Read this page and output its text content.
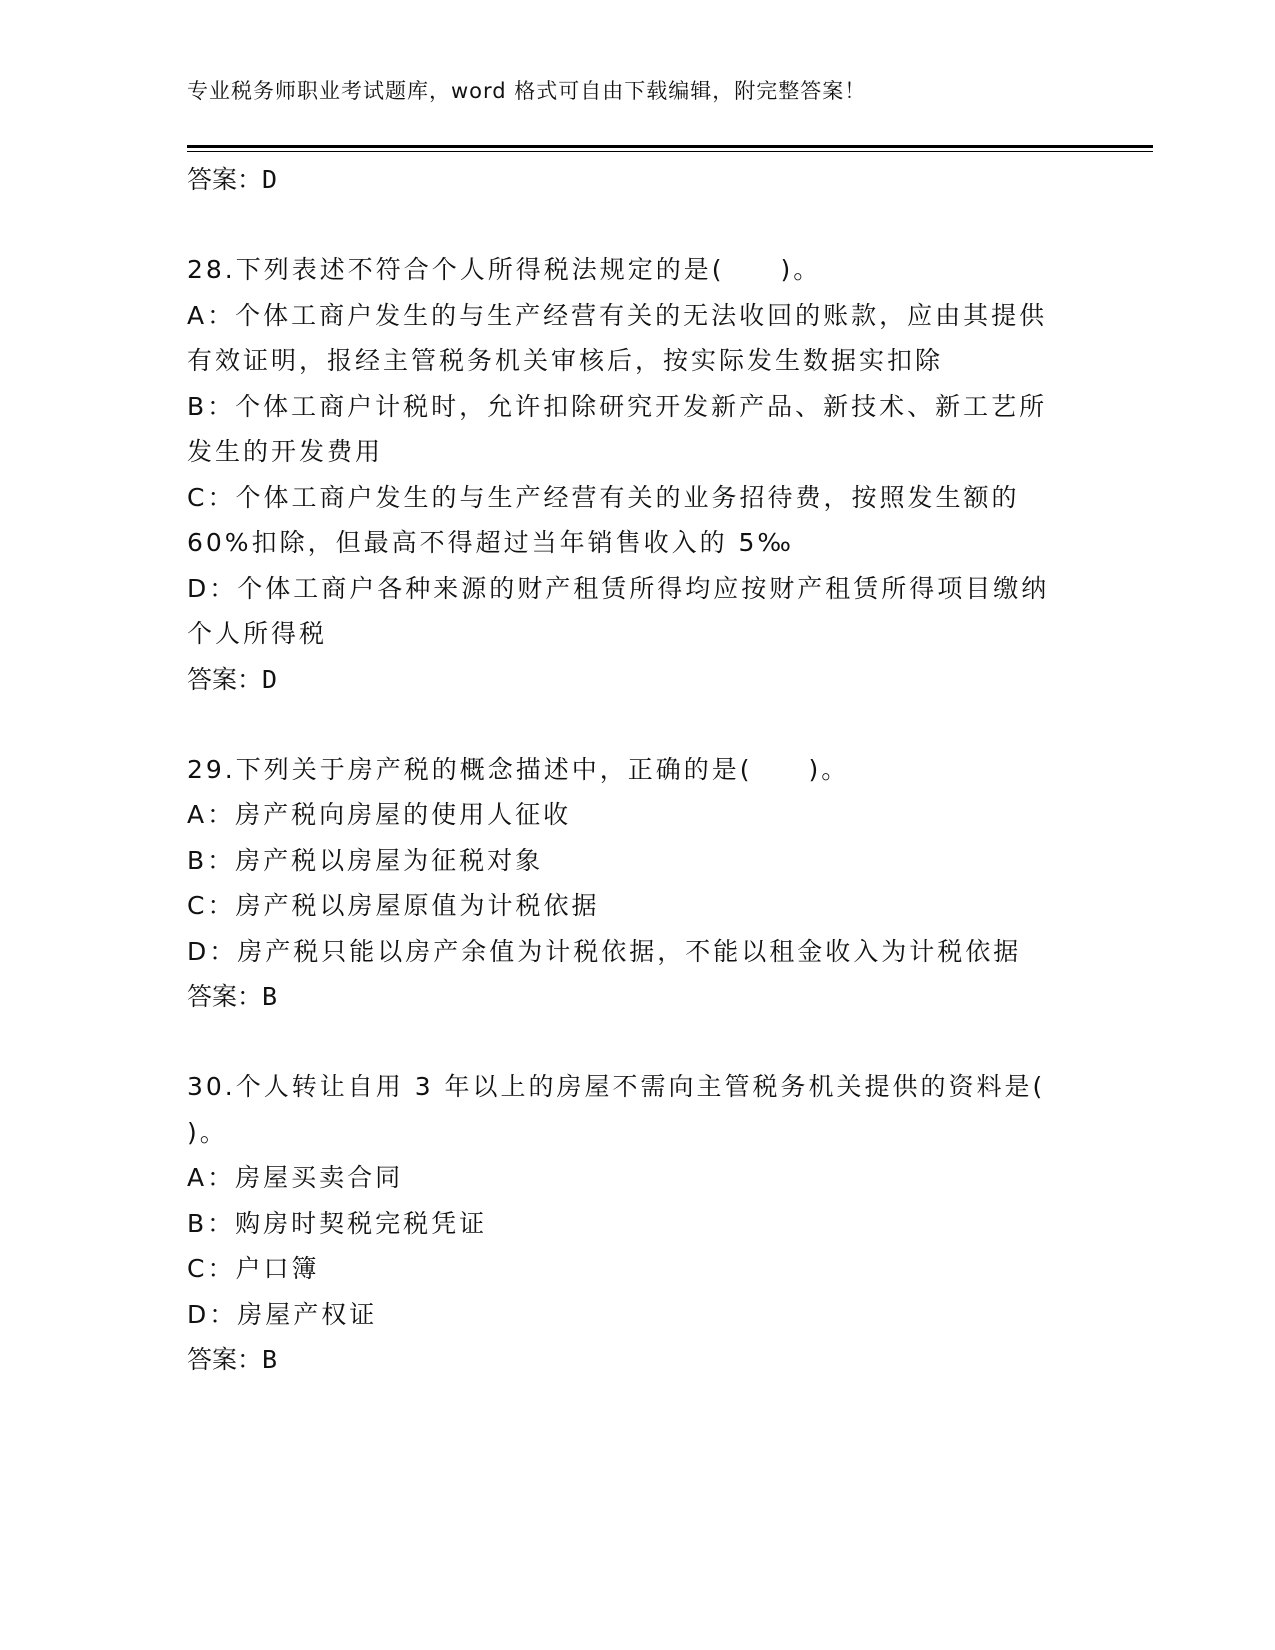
专业税务师职业考试题库，word 格式可自由下载编辑，附完整答案！
答案：D
28.下列表述不符合个人所得税法规定的是(　　)。
A：个体工商户发生的与生产经营有关的无法收回的账款，应由其提供
有效证明，报经主管税务机关审核后，按实际发生数据实扣除
B：个体工商户计税时，允许扣除研究开发新产品、新技术、新工艺所
发生的开发费用
C：个体工商户发生的与生产经营有关的业务招待费，按照发生额的
60%扣除，但最高不得超过当年销售收入的 5‰
D：个体工商户各种来源的财产租赁所得均应按财产租赁所得项目缴纳
个人所得税
答案：D
29.下列关于房产税的概念描述中，正确的是(　　)。
A：房产税向房屋的使用人征收
B：房产税以房屋为征税对象
C：房产税以房屋原值为计税依据
D：房产税只能以房产余值为计税依据，不能以租金收入为计税依据
答案：B
30.个人转让自用 3 年以上的房屋不需向主管税务机关提供的资料是(
)。
A：房屋买卖合同
B：购房时契税完税凭证
C：户口簿
D：房屋产权证
答案：B
